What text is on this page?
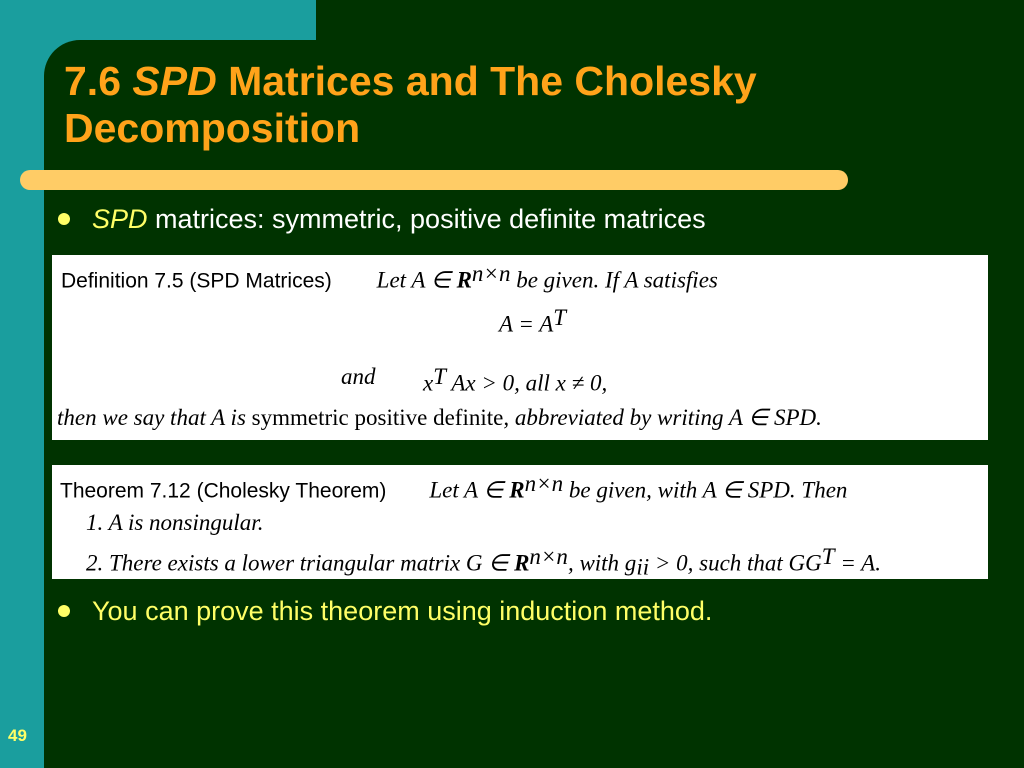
7.6 SPD Matrices and The Cholesky Decomposition
SPD matrices: symmetric, positive definite matrices
Definition 7.5 (SPD Matrices) Let A ∈ $R^{n\times n}$ be given. If A satisfies
$A = A^T$
and $x^T$ Ax > 0, all x ≠ 0,
then we say that A is symmetric positive definite, abbreviated by writing A ∈ SPD.
Theorem 7.12 (Cholesky Theorem) Let A ∈ $R^{n\times n}$ be given, with A ∈ SPD. Then
1. A is nonsingular.
2. There exists a lower triangular matrix G ∈ $R^{n\times n}$, with $g_{ii} > 0$, such that $GG^T = A$.
You can prove this theorem using induction method.
49
